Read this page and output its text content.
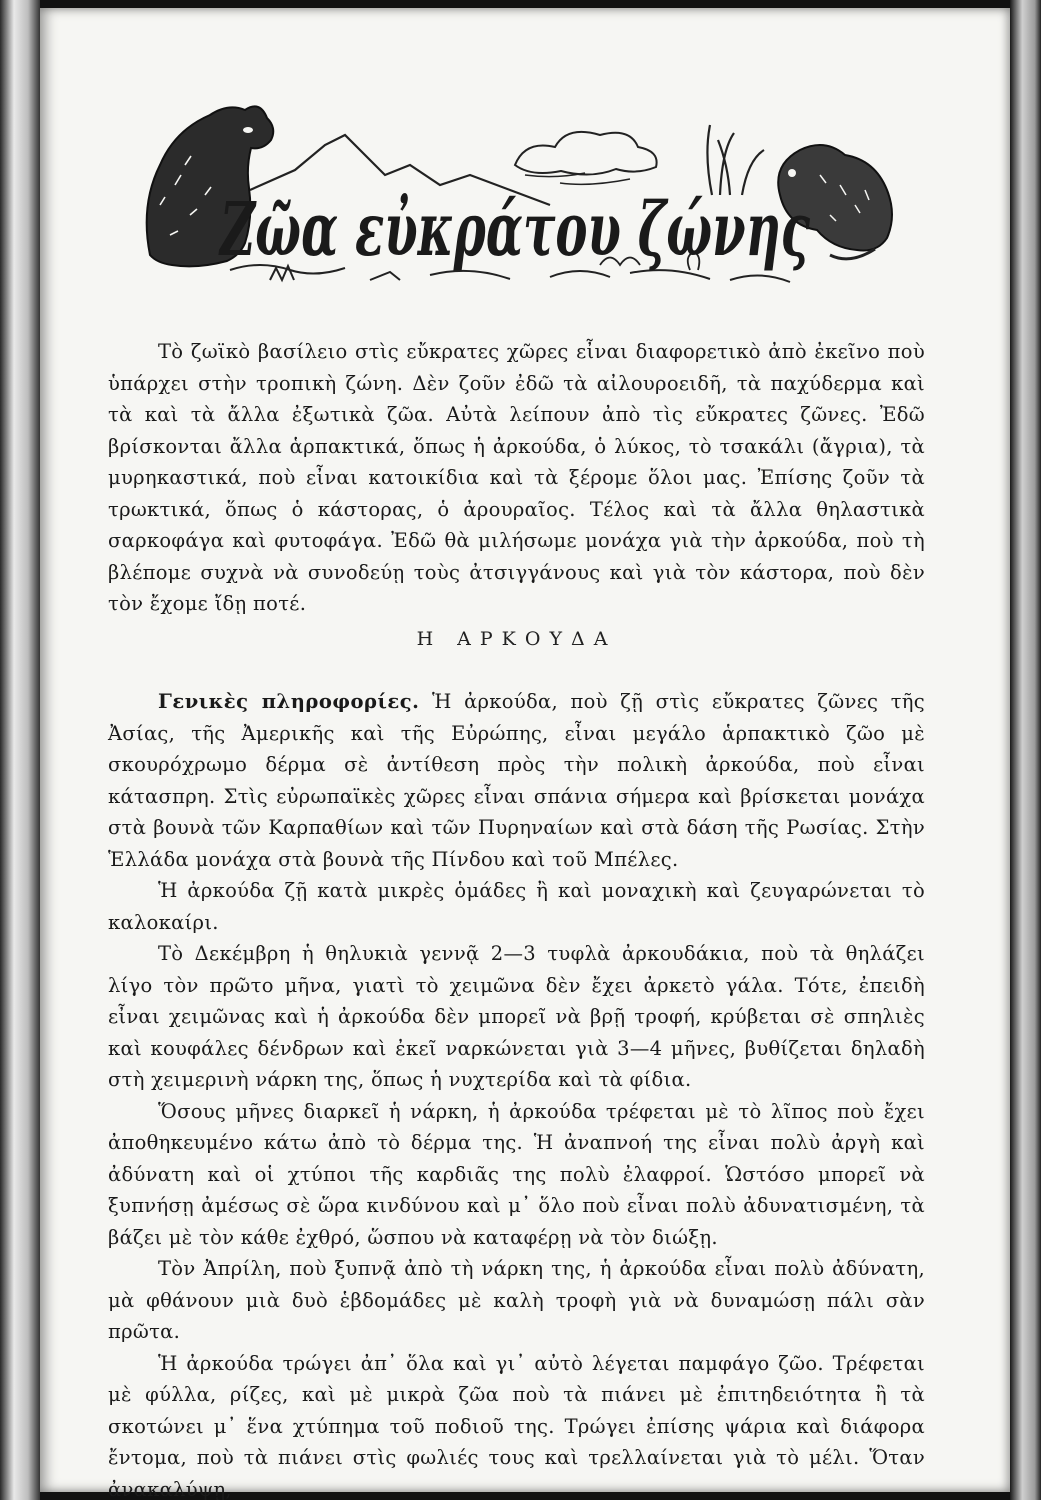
Ζῶα εὐκράτου ζώνης

Τὸ ζωϊκὸ βασίλειο στὶς εὔκρατες χῶρες εἶναι διαφορετικὸ ἀπὸ ἐκεῖνο ποὺ ὑπάρχει στὴν τροπικὴ ζώνη. Δὲν ζοῦν ἐδῶ τὰ αἰλουροειδῆ, τὰ παχύδερμα καὶ τὰ καὶ τὰ ἄλλα ἐξωτικὰ ζῶα. Αὐτὰ λείπουν ἀπὸ τὶς εὔκρατες ζῶνες. Ἐδῶ βρίσκονται ἄλλα ἁρπακτικά, ὅπως ἡ ἀρκούδα, ὁ λύκος, τὸ τσακάλι (ἄγρια), τὰ μυρηκαστικά, ποὺ εἶναι κατοικίδια καὶ τὰ ξέρομε ὅλοι μας. Ἐπίσης ζοῦν τὰ τρωκτικά, ὅπως ὁ κάστορας, ὁ ἀρουραῖος. Τέλος καὶ τὰ ἄλλα θηλαστικὰ σαρκοφάγα καὶ φυτοφάγα. Ἐδῶ θὰ μιλήσωμε μονάχα γιὰ τὴν ἀρκούδα, ποὺ τὴ βλέπομε συχνὰ νὰ συνοδεύῃ τοὺς ἀτσιγγάνους καὶ γιὰ τὸν κάστορα, ποὺ δὲν τὸν ἔχομε ἴδῃ ποτέ.

Η ΑΡΚΟΥΔΑ

Γενικὲς πληροφορίες. Ἡ ἀρκούδα, ποὺ ζῇ στὶς εὔκρατες ζῶνες τῆς Ἀσίας, τῆς Ἀμερικῆς καὶ τῆς Εὐρώπης, εἶναι μεγάλο ἁρπακτικὸ ζῶο μὲ σκουρόχρωμο δέρμα σὲ ἀντίθεση πρὸς τὴν πολικὴ ἀρκούδα, ποὺ εἶναι κάτασπρη. Στὶς εὐρωπαϊκὲς χῶρες εἶναι σπάνια σήμερα καὶ βρίσκεται μονάχα στὰ βουνὰ τῶν Καρπαθίων καὶ τῶν Πυρηναίων καὶ στὰ δάση τῆς Ρωσίας. Στὴν Ἑλλάδα μονάχα στὰ βουνὰ τῆς Πίνδου καὶ τοῦ Μπέλες.

Ἡ ἀρκούδα ζῇ κατὰ μικρὲς ὁμάδες ἢ καὶ μοναχικὴ καὶ ζευγαρώνεται τὸ καλοκαίρι.

Τὸ Δεκέμβρη ἡ θηλυκιὰ γεννᾷ 2—3 τυφλὰ ἀρκουδάκια, ποὺ τὰ θηλάζει λίγο τὸν πρῶτο μῆνα, γιατὶ τὸ χειμῶνα δὲν ἔχει ἀρκετὸ γάλα. Τότε, ἐπειδὴ εἶναι χειμῶνας καὶ ἡ ἀρκούδα δὲν μπορεῖ νὰ βρῇ τροφή, κρύβεται σὲ σπηλιὲς καὶ κουφάλες δένδρων καὶ ἐκεῖ ναρκώνεται γιὰ 3—4 μῆνες, βυθίζεται δηλαδὴ στὴ χειμερινὴ νάρκη της, ὅπως ἡ νυχτερίδα καὶ τὰ φίδια.

Ὅσους μῆνες διαρκεῖ ἡ νάρκη, ἡ ἀρκούδα τρέφεται μὲ τὸ λῖπος ποὺ ἔχει ἀποθηκευμένο κάτω ἀπὸ τὸ δέρμα της. Ἡ ἀναπνοή της εἶναι πολὺ ἀργὴ καὶ ἀδύνατη καὶ οἱ χτύποι τῆς καρδιᾶς της πολὺ ἐλαφροί. Ὡστόσο μπορεῖ νὰ ξυπνήσῃ ἀμέσως σὲ ὥρα κινδύνου καὶ μ᾿ ὅλο ποὺ εἶναι πολὺ ἀδυνατισμένη, τὰ βάζει μὲ τὸν κάθε ἐχθρό, ὥσπου νὰ καταφέρῃ νὰ τὸν διώξῃ.

Τὸν Ἀπρίλη, ποὺ ξυπνᾷ ἀπὸ τὴ νάρκη της, ἡ ἀρκούδα εἶναι πολὺ ἀδύνατη, μὰ φθάνουν μιὰ δυὸ ἑβδομάδες μὲ καλὴ τροφὴ γιὰ νὰ δυναμώσῃ πάλι σὰν πρῶτα.

Ἡ ἀρκούδα τρώγει ἀπ᾿ ὅλα καὶ γι᾿ αὐτὸ λέγεται παμφάγο ζῶο. Τρέφεται μὲ φύλλα, ρίζες, καὶ μὲ μικρὰ ζῶα ποὺ τὰ πιάνει μὲ ἐπιτηδειότητα ἢ τὰ σκοτώνει μ᾿ ἕνα χτύπημα τοῦ ποδιοῦ της. Τρώγει ἐπίσης ψάρια καὶ διάφορα ἔντομα, ποὺ τὰ πιάνει στὶς φωλιές τους καὶ τρελλαίνεται γιὰ τὸ μέλι. Ὅταν ἀνακαλύψῃ,
